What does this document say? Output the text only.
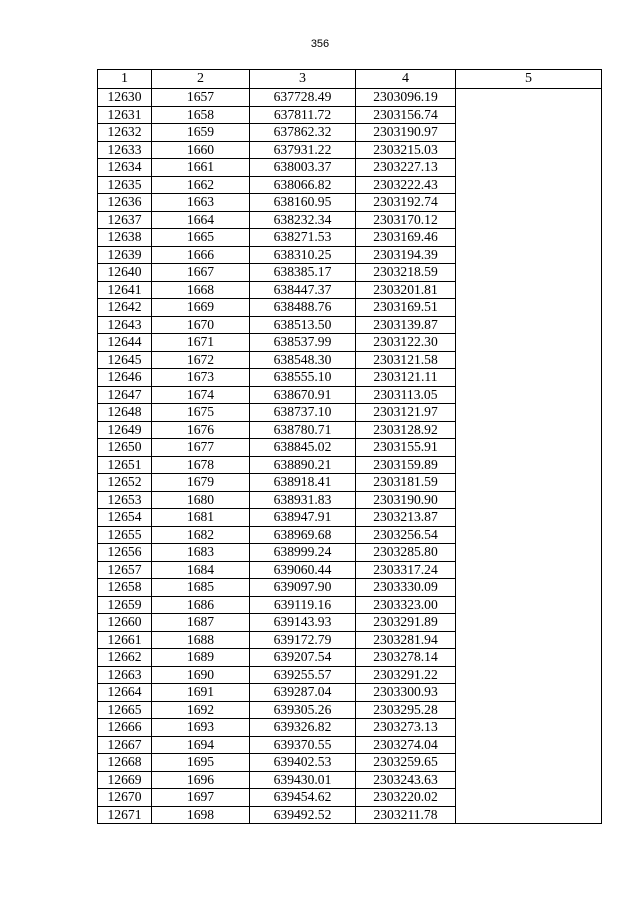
356
1	2	3	4	5
12630	1657	637728.49	2303096.19	
12631	1658	637811.72	2303156.74	
12632	1659	637862.32	2303190.97	
12633	1660	637931.22	2303215.03	
12634	1661	638003.37	2303227.13	
12635	1662	638066.82	2303222.43	
12636	1663	638160.95	2303192.74	
12637	1664	638232.34	2303170.12	
12638	1665	638271.53	2303169.46	
12639	1666	638310.25	2303194.39	
12640	1667	638385.17	2303218.59	
12641	1668	638447.37	2303201.81	
12642	1669	638488.76	2303169.51	
12643	1670	638513.50	2303139.87	
12644	1671	638537.99	2303122.30	
12645	1672	638548.30	2303121.58	
12646	1673	638555.10	2303121.11	
12647	1674	638670.91	2303113.05	
12648	1675	638737.10	2303121.97	
12649	1676	638780.71	2303128.92	
12650	1677	638845.02	2303155.91	
12651	1678	638890.21	2303159.89	
12652	1679	638918.41	2303181.59	
12653	1680	638931.83	2303190.90	
12654	1681	638947.91	2303213.87	
12655	1682	638969.68	2303256.54	
12656	1683	638999.24	2303285.80	
12657	1684	639060.44	2303317.24	
12658	1685	639097.90	2303330.09	
12659	1686	639119.16	2303323.00	
12660	1687	639143.93	2303291.89	
12661	1688	639172.79	2303281.94	
12662	1689	639207.54	2303278.14	
12663	1690	639255.57	2303291.22	
12664	1691	639287.04	2303300.93	
12665	1692	639305.26	2303295.28	
12666	1693	639326.82	2303273.13	
12667	1694	639370.55	2303274.04	
12668	1695	639402.53	2303259.65	
12669	1696	639430.01	2303243.63	
12670	1697	639454.62	2303220.02	
12671	1698	639492.52	2303211.78	
